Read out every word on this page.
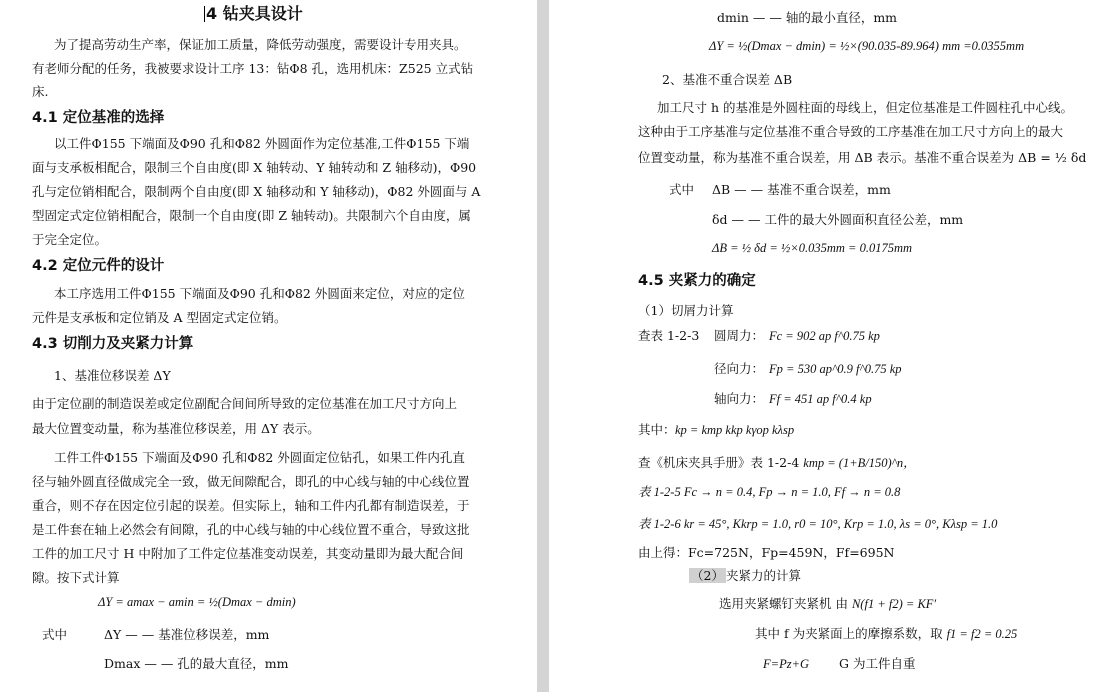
4 钻夹具设计
为了提高劳动生产率，保证加工质量，降低劳动强度，需要设计专用夹具。
有老师分配的任务，我被要求设计工序 13：钻Φ8 孔，选用机床：Z525 立式钻
床.
4.1 定位基准的选择
以工件Φ155 下端面及Φ90 孔和Φ82 外圆面作为定位基准,工件Φ155 下端
面与支承板相配合，限制三个自由度(即 X 轴转动、Y 轴转动和 Z 轴移动)，Φ90
孔与定位销相配合，限制两个自由度(即 X 轴移动和 Y 轴移动)，Φ82 外圆面与 A
型固定式定位销相配合，限制一个自由度(即 Z 轴转动)。共限制六个自由度，属
于完全定位。
4.2 定位元件的设计
本工序选用工件Φ155 下端面及Φ90 孔和Φ82 外圆面来定位，对应的定位
元件是支承板和定位销及 A 型固定式定位销。
4.3 切削力及夹紧力计算
1、基准位移误差 ΔY
由于定位副的制造误差或定位副配合间间所导致的定位基准在加工尺寸方向上
最大位置变动量，称为基准位移误差，用 ΔY 表示。
工件工件Φ155 下端面及Φ90 孔和Φ82 外圆面定位钻孔，如果工件内孔直
径与轴外圆直径做成完全一致，做无间隙配合，即孔的中心线与轴的中心线位置
重合，则不存在因定位引起的误差。但实际上，轴和工件内孔都有制造误差，于
是工件套在轴上必然会有间隙，孔的中心线与轴的中心线位置不重合，导致这批
工件的加工尺寸 H 中附加了工件定位基准变动误差，其变动量即为最大配合间
隙。按下式计算
ΔY = amax − amin = ½(Dmax − dmin)
式中	ΔY — — 基准位移误差，mm
Dmax — — 孔的最大直径，mm
dmin — — 轴的最小直径，mm
ΔY = ½(Dmax − dmin) = ½×(90.035-89.964) mm =0.0355mm
2、基准不重合误差 ΔB
加工尺寸 h 的基准是外圆柱面的母线上，但定位基准是工件圆柱孔中心线。
这种由于工序基准与定位基准不重合导致的工序基准在加工尺寸方向上的最大
位置变动量，称为基准不重合误差，用 ΔB 表示。基准不重合误差为 ΔB = ½ δd
式中 ΔB — — 基准不重合误差，mm
δd — — 工件的最大外圆面积直径公差，mm
ΔB = ½ δd = ½×0.035mm = 0.0175mm
4.5 夹紧力的确定
（1）切屑力计算
查表 1-2-3 圆周力： Fc = 902 ap f^0.75 kp
径向力： Fp = 530 ap^0.9 f^0.75 kp
轴向力： Ff = 451 ap f^0.4 kp
其中： kp = kmp kkp kγop kλsp
查《机床夹具手册》表 1-2-4 kmp = (1+B/150)^n，
表 1-2-5 Fc → n = 0.4, Fp → n = 1.0, Ff → n = 0.8
表 1-2-6 kr = 45°, Kkrp = 1.0, r0 = 10°, Krp = 1.0, λs = 0°, Kλsp = 1.0
由上得：Fc=725N，Fp=459N，Ff=695N
（2） 夹紧力的计算
选用夹紧螺钉夹紧机 由 N(f1 + f2) = KF′
其中 f 为夹紧面上的摩擦系数，取 f1 = f2 = 0.25
F=Pz+G G 为工件自重
